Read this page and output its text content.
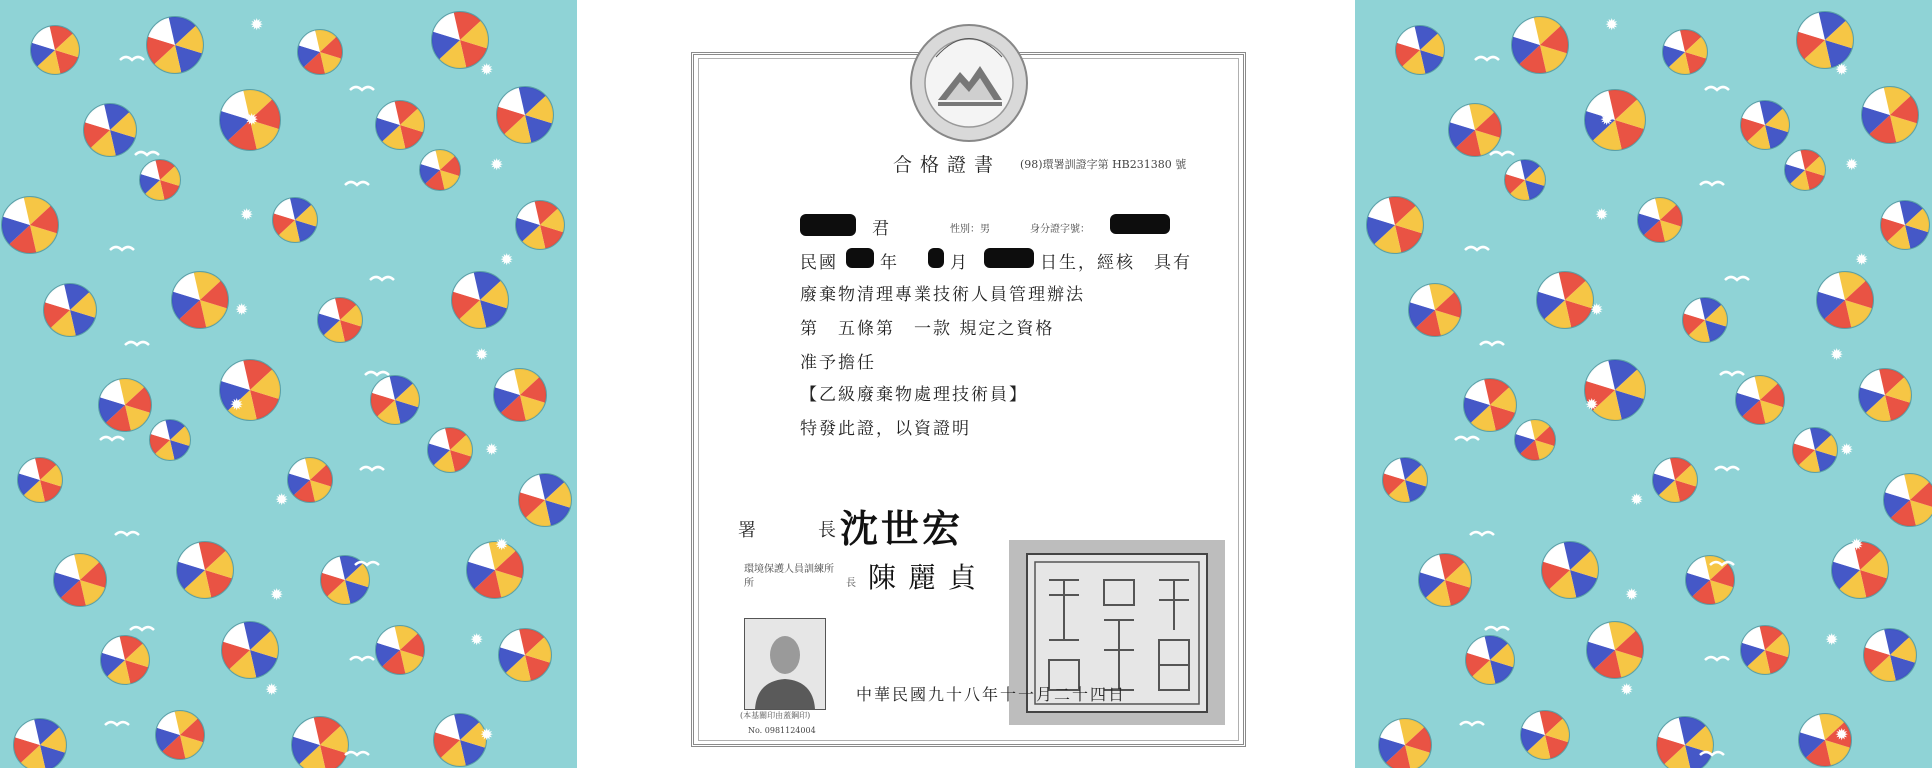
✹
✹
✹
✹
✹
✹
✹
✹
✹
✹
✹
✹
✹
✹
✹
✹
✹
✹
✹
✹
✹
✹
✹
✹
✹
✹
✹
✹
✹
✹
✹
✹
合格證書 (98)環署訓證字第 HB231380 號
君	性別：男	身分證字號：
民國 年	月	日生，經核　具有
廢棄物清理專業技術人員管理辦法
第　五條第　一款 規定之資格
准予擔任
【乙級廢棄物處理技術員】
特發此證，以資證明
署	長 沈世宏
環境保護人員訓練所
所	長 陳麗貞
(本基關印由蓋鋼印)
No. 0981124004
中華民國九十八年十一月二十四日
